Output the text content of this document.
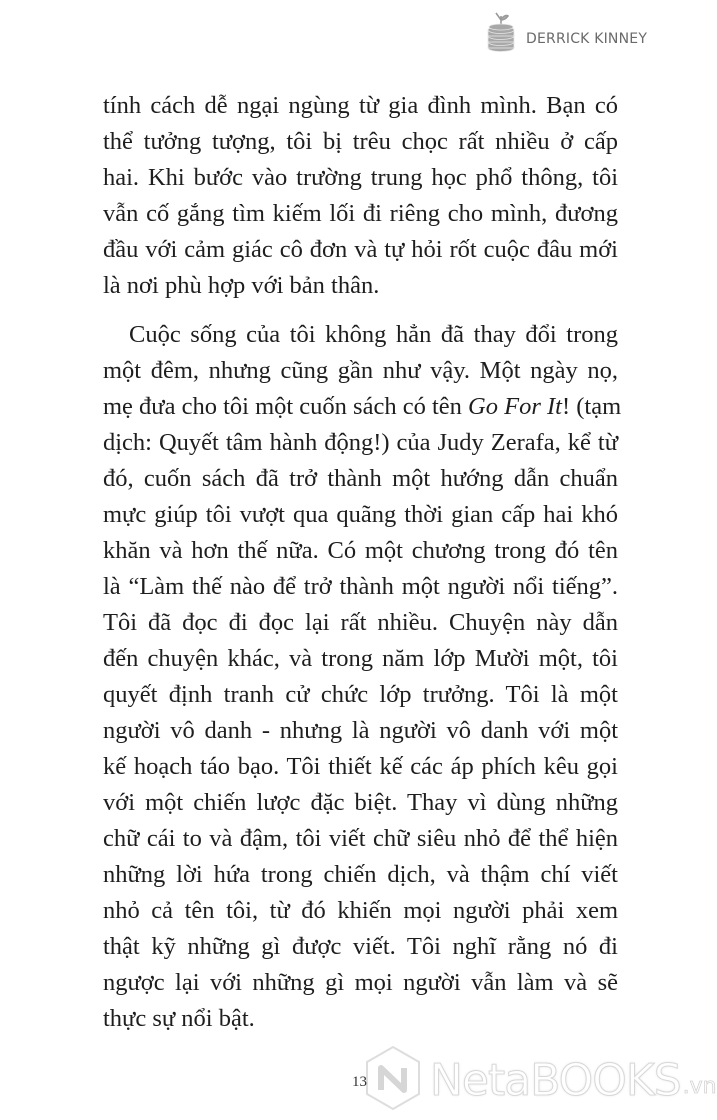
DERRICK KINNEY
tính cách dễ ngại ngùng từ gia đình mình. Bạn có
thể tưởng tượng, tôi bị trêu chọc rất nhiều ở cấp
hai. Khi bước vào trường trung học phổ thông, tôi
vẫn cố gắng tìm kiếm lối đi riêng cho mình, đương
đầu với cảm giác cô đơn và tự hỏi rốt cuộc đâu mới
là nơi phù hợp với bản thân.
Cuộc sống của tôi không hẳn đã thay đổi trong
một đêm, nhưng cũng gần như vậy. Một ngày nọ,
mẹ đưa cho tôi một cuốn sách có tên Go For It! (tạm
dịch: Quyết tâm hành động!) của Judy Zerafa, kể từ
đó, cuốn sách đã trở thành một hướng dẫn chuẩn
mực giúp tôi vượt qua quãng thời gian cấp hai khó
khăn và hơn thế nữa. Có một chương trong đó tên
là “Làm thế nào để trở thành một người nổi tiếng”.
Tôi đã đọc đi đọc lại rất nhiều. Chuyện này dẫn
đến chuyện khác, và trong năm lớp Mười một, tôi
quyết định tranh cử chức lớp trưởng. Tôi là một
người vô danh - nhưng là người vô danh với một
kế hoạch táo bạo. Tôi thiết kế các áp phích kêu gọi
với một chiến lược đặc biệt. Thay vì dùng những
chữ cái to và đậm, tôi viết chữ siêu nhỏ để thể hiện
những lời hứa trong chiến dịch, và thậm chí viết
nhỏ cả tên tôi, từ đó khiến mọi người phải xem
thật kỹ những gì được viết. Tôi nghĩ rằng nó đi
ngược lại với những gì mọi người vẫn làm và sẽ
thực sự nổi bật.
NetaBOOKS .vn
13
